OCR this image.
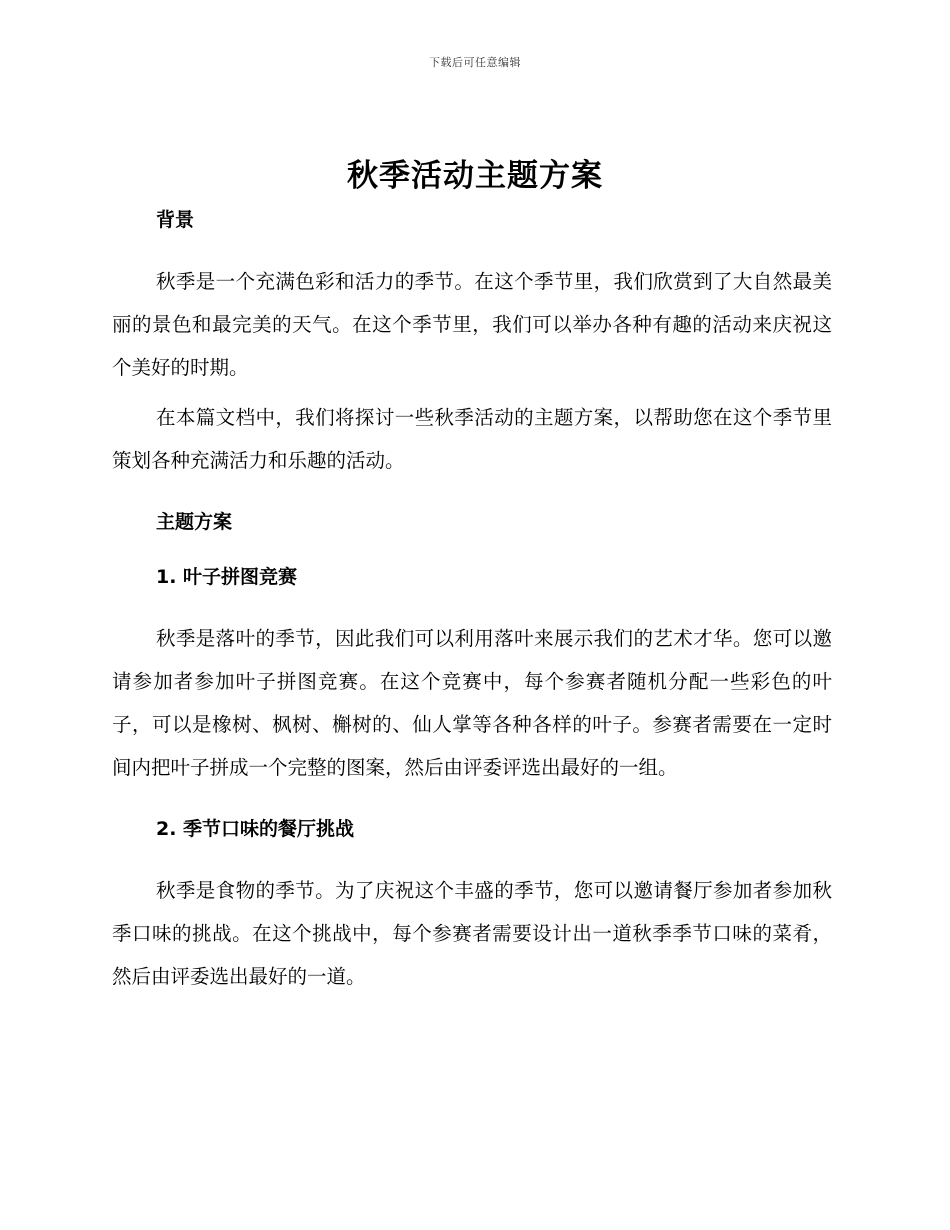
下载后可任意编辑
秋季活动主题方案
背景

秋季是一个充满色彩和活力的季节。在这个季节里，我们欣赏到了大自然最美丽的景色和最完美的天气。在这个季节里，我们可以举办各种有趣的活动来庆祝这个美好的时期。

在本篇文档中，我们将探讨一些秋季活动的主题方案，以帮助您在这个季节里策划各种充满活力和乐趣的活动。

主题方案
1. 叶子拼图竞赛

秋季是落叶的季节，因此我们可以利用落叶来展示我们的艺术才华。您可以邀请参加者参加叶子拼图竞赛。在这个竞赛中，每个参赛者随机分配一些彩色的叶子，可以是橡树、枫树、槲树的、仙人掌等各种各样的叶子。参赛者需要在一定时间内把叶子拼成一个完整的图案，然后由评委评选出最好的一组。

2. 季节口味的餐厅挑战

秋季是食物的季节。为了庆祝这个丰盛的季节，您可以邀请餐厅参加者参加秋季口味的挑战。在这个挑战中，每个参赛者需要设计出一道秋季季节口味的菜肴，然后由评委选出最好的一道。
